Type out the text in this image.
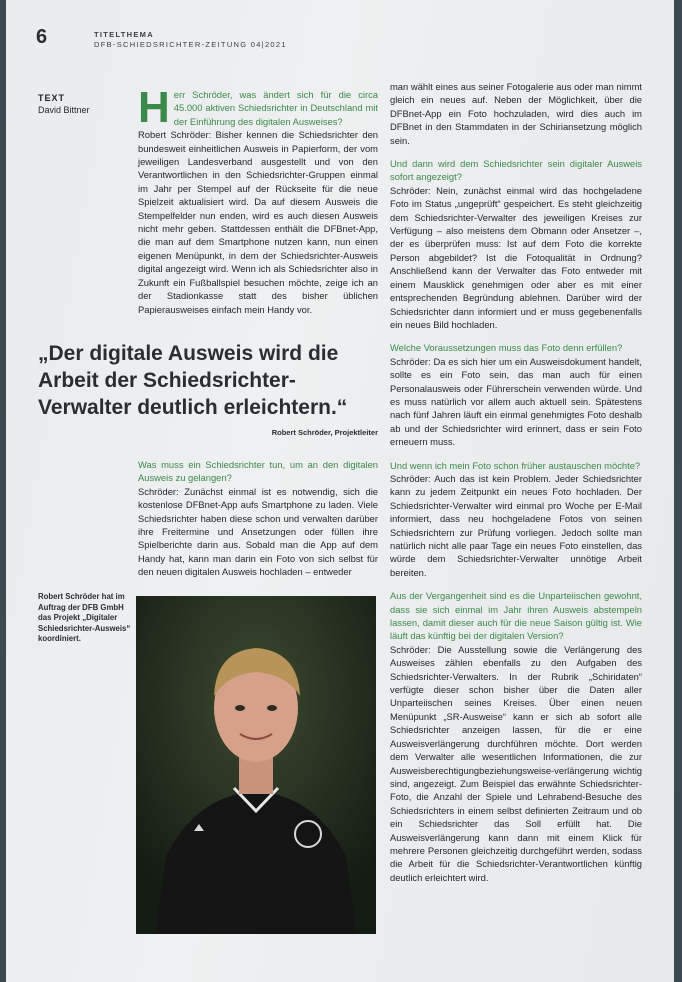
6	TITELTHEMA
DFB-SCHIEDSRICHTER-ZEITUNG 04|2021
TEXT
David Bittner H err Schröder, was ändert sich für die circa 45.000 aktiven Schiedsrichter in Deutschland mit der Einführung des digitalen Ausweises?

Robert Schröder: Bisher kennen die Schiedsrichter den bundesweit einheitlichen Ausweis in Papierform, der vom jeweiligen Landesverband ausgestellt und von den Verantwortlichen in den Schiedsrichter-Gruppen einmal im Jahr per Stempel auf der Rückseite für die neue Spielzeit aktualisiert wird. Da auf diesem Ausweis die Stempelfelder nun enden, wird es auch diesen Ausweis nicht mehr geben. Stattdessen enthält die DFBnet-App, die man auf dem Smartphone nutzen kann, nun einen eigenen Menüpunkt, in dem der Schiedsrichter-Ausweis digital angezeigt wird. Wenn ich als Schiedsrichter also in Zukunft ein Fußballspiel besuchen möchte, zeige ich an der Stadionkasse statt des bisher üblichen Papierausweises einfach mein Handy vor.

„Der digitale Ausweis wird die Arbeit der Schiedsrichter-Verwalter deutlich erleichtern.“
Robert Schröder, Projektleiter

Was muss ein Schiedsrichter tun, um an den digitalen Ausweis zu gelangen?

Schröder: Zunächst einmal ist es notwendig, sich die kostenlose DFBnet-App aufs Smartphone zu laden. Viele Schiedsrichter haben diese schon und verwalten darüber ihre Freitermine und Ansetzungen oder füllen ihre Spielberichte darin aus. Sobald man die App auf dem Handy hat, kann man darin ein Foto von sich selbst für den neuen digitalen Ausweis hochladen – entweder

Robert Schröder hat im Auftrag der DFB GmbH das Projekt „Digitaler Schiedsrichter-Ausweis“ koordiniert.

man wählt eines aus seiner Fotogalerie aus oder man nimmt gleich ein neues auf. Neben der Möglichkeit, über die DFBnet-App ein Foto hochzuladen, wird dies auch im DFBnet in den Stammdaten in der Schiriansetzung möglich sein.

Und dann wird dem Schiedsrichter sein digitaler Ausweis sofort angezeigt?

Schröder: Nein, zunächst einmal wird das hochgeladene Foto im Status „ungeprüft“ gespeichert. Es steht gleichzeitig dem Schiedsrichter-Verwalter des jeweiligen Kreises zur Verfügung – also meistens dem Obmann oder Ansetzer –, der es überprüfen muss: Ist auf dem Foto die korrekte Person abgebildet? Ist die Fotoqualität in Ordnung? Anschließend kann der Verwalter das Foto entweder mit einem Mausklick genehmigen oder aber es mit einer entsprechenden Begründung ablehnen. Darüber wird der Schiedsrichter dann informiert und er muss gegebenenfalls ein neues Bild hochladen.

Welche Voraussetzungen muss das Foto denn erfüllen?

Schröder: Da es sich hier um ein Ausweisdokument handelt, sollte es ein Foto sein, das man auch für einen Personalausweis oder Führerschein verwenden würde. Und es muss natürlich vor allem auch aktuell sein. Spätestens nach fünf Jahren läuft ein einmal genehmigtes Foto deshalb ab und der Schiedsrichter wird erinnert, dass er sein Foto erneuern muss.

Und wenn ich mein Foto schon früher austauschen möchte?

Schröder: Auch das ist kein Problem. Jeder Schiedsrichter kann zu jedem Zeitpunkt ein neues Foto hochladen. Der Schiedsrichter-Verwalter wird einmal pro Woche per E-Mail informiert, dass neu hochgeladene Fotos von seinen Schiedsrichtern zur Prüfung vorliegen. Jedoch sollte man natürlich nicht alle paar Tage ein neues Foto einstellen, das würde dem Schiedsrichter-Verwalter unnötige Arbeit bereiten.

Aus der Vergangenheit sind es die Unparteiischen gewohnt, dass sie sich einmal im Jahr ihren Ausweis abstempeln lassen, damit dieser auch für die neue Saison gültig ist. Wie läuft das künftig bei der digitalen Version?

Schröder: Die Ausstellung sowie die Verlängerung des Ausweises zählen ebenfalls zu den Aufgaben des Schiedsrichter-Verwalters. In der Rubrik „Schiridaten“ verfügte dieser schon bisher über die Daten aller Unparteiischen seines Kreises. Über einen neuen Menüpunkt „SR-Ausweise“ kann er sich ab sofort alle Schiedsrichter anzeigen lassen, für die er eine Ausweisverlängerung durchführen möchte. Dort werden dem Verwalter alle wesentlichen Informationen, die zur Ausweisberechtigungbeziehungsweise-verlängerung wichtig sind, angezeigt. Zum Beispiel das erwähnte Schiedsrichter-Foto, die Anzahl der Spiele und Lehrabend-Besuche des Schiedsrichters in einem selbst definierten Zeitraum und ob ein Schiedsrichter das Soll erfüllt hat. Die Ausweisverlängerung kann dann mit einem Klick für mehrere Personen gleichzeitig durchgeführt werden, sodass die Arbeit für die Schiedsrichter-Verantwortlichen künftig deutlich erleichtert wird.
